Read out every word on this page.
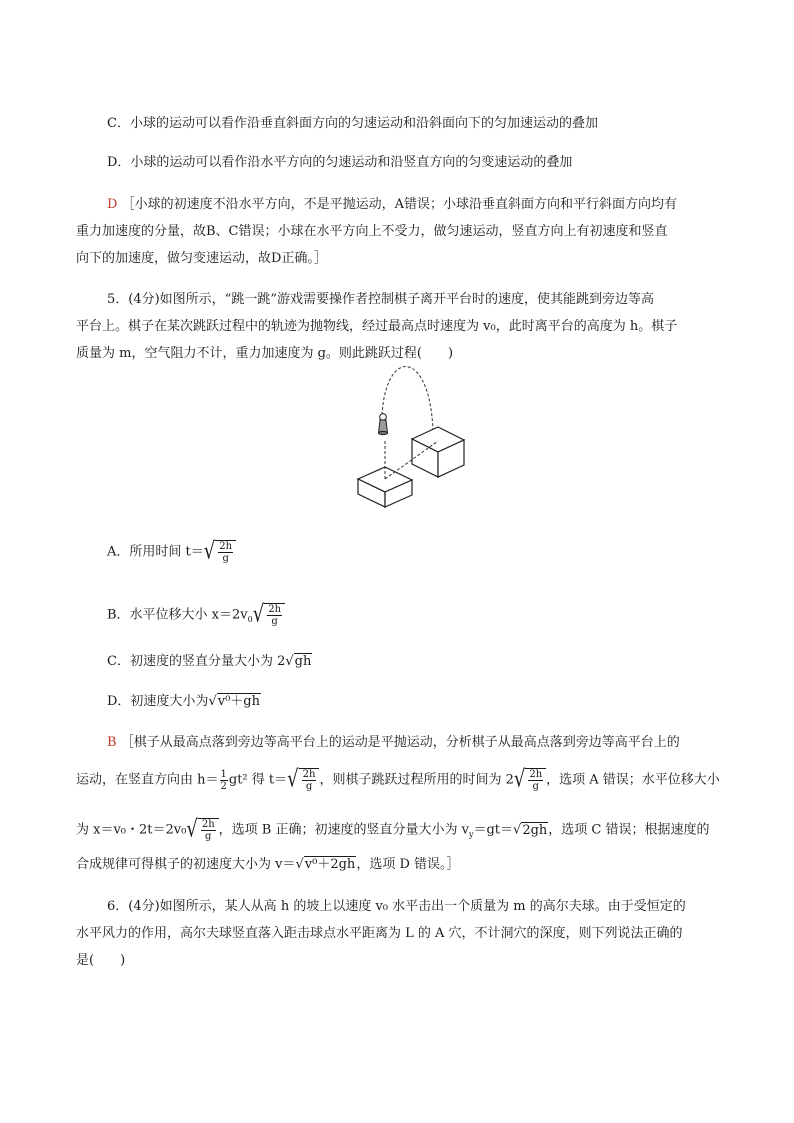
C．小球的运动可以看作沿垂直斜面方向的匀速运动和沿斜面向下的匀加速运动的叠加
D．小球的运动可以看作沿水平方向的匀速运动和沿竖直方向的匀变速运动的叠加
D ［小球的初速度不沿水平方向，不是平抛运动，A错误；小球沿垂直斜面方向和平行斜面方向均有
重力加速度的分量，故B、C错误；小球在水平方向上不受力，做匀速运动，竖直方向上有初速度和竖直
向下的加速度，做匀变速运动，故D正确。］
5．(4分)如图所示，“跳一跳”游戏需要操作者控制棋子离开平台时的速度，使其能跳到旁边等高
平台上。棋子在某次跳跃过程中的轨迹为抛物线，经过最高点时速度为 v₀，此时离平台的高度为 h。棋子
质量为 m，空气阻力不计，重力加速度为 g。则此跳跃过程(　　)
A．所用时间 $t=√ \frac{2h}{g}$
B．水平位移大小 $x=2v_0√ \frac{2h}{g}$
C．初速度的竖直分量大小为 2√gh
D．初速度大小为√v⁰＋gh
B ［棋子从最高点落到旁边等高平台上的运动是平抛运动，分析棋子从最高点落到旁边等高平台上的
运动，在竖直方向由 $h= \frac{1}{2} gt^2$ 得 $t=√ \frac{2h}{g}$ ，则棋子跳跃过程所用的时间为 $2√ \frac{2h}{g}$ ，选项 A 错误；水平位移大小
为 x＝v₀・$2t=2v_0√ \frac{2h}{g}$ ，选项 B 正确；初速度的竖直分量大小为 $v_y=gt=√2gh$，选项 C 错误；根据速度的
合成规律可得棋子的初速度大小为 v＝√v⁰＋2gh，选项 D 错误。］
6．(4分)如图所示，某人从高 h 的坡上以速度 v₀ 水平击出一个质量为 m 的高尔夫球。由于受恒定的
水平风力的作用，高尔夫球竖直落入距击球点水平距离为 L 的 A 穴，不计洞穴的深度，则下列说法正确的
是(　　)
